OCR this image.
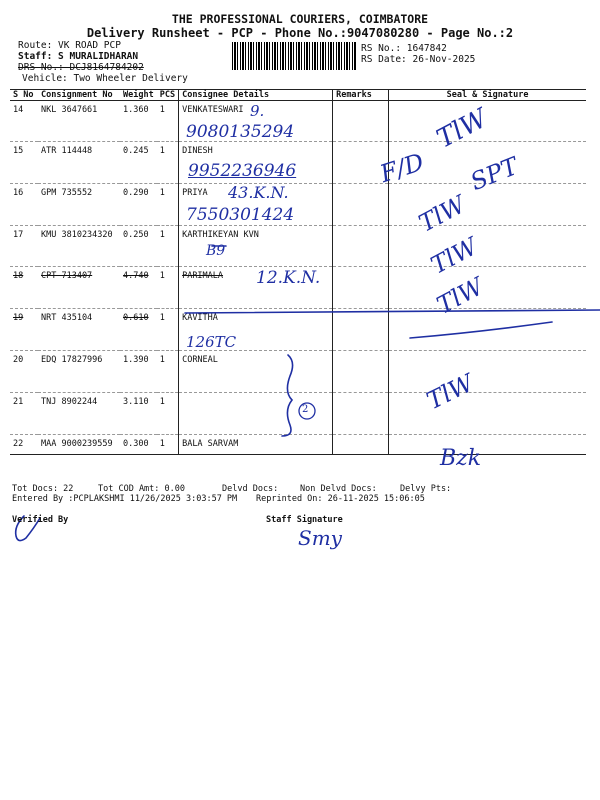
THE PROFESSIONAL COURIERS, COIMBATORE
Delivery Runsheet - PCP - Phone No.:9047080280 - Page No.:2
Route: VK ROAD PCP
Staff: S MURALIDHARAN
DRS No.: DCJ8164784202
Vehicle: Two Wheeler Delivery
RS No.: 1647842
RS Date: 26-Nov-2025
S No	Consignment No	Weight	PCS	Consignee Details	Remarks	Seal & Signature
14	NKL 3647661	1.360	1	VENKATESWARI		
15	ATR 114448	0.245	1	DINESH		
16	GPM 735552	0.290	1	PRIYA		
17	KMU 3810234320	0.250	1	KARTHIKEYAN KVN		
18	CPT 713407	4.740	1	PARIMALA		
19	NRT 435104	0.610	1	KAVITHA		
20	EDQ 17827996	1.390	1	CORNEAL		
21	TNJ 8902244	3.110	1			
22	MAA 9000239559	0.300	1	BALA SARVAM		
9.
9080135294
9952236946
43.K.N.
7550301424
B9
12.K.N.
126TC
2
TlW
F/D SPT
TlW
TlW
TlW
TlW
Bzk
Tot Docs: 22	Tot COD Amt: 0.00	Delvd Docs:	Non Delvd Docs:	Delvy Pts:
Entered By :PCPLAKSHMI 11/26/2025 3:03:57 PM Reprinted On: 26-11-2025 15:06:05
Verified By	Staff Signature
Smy
